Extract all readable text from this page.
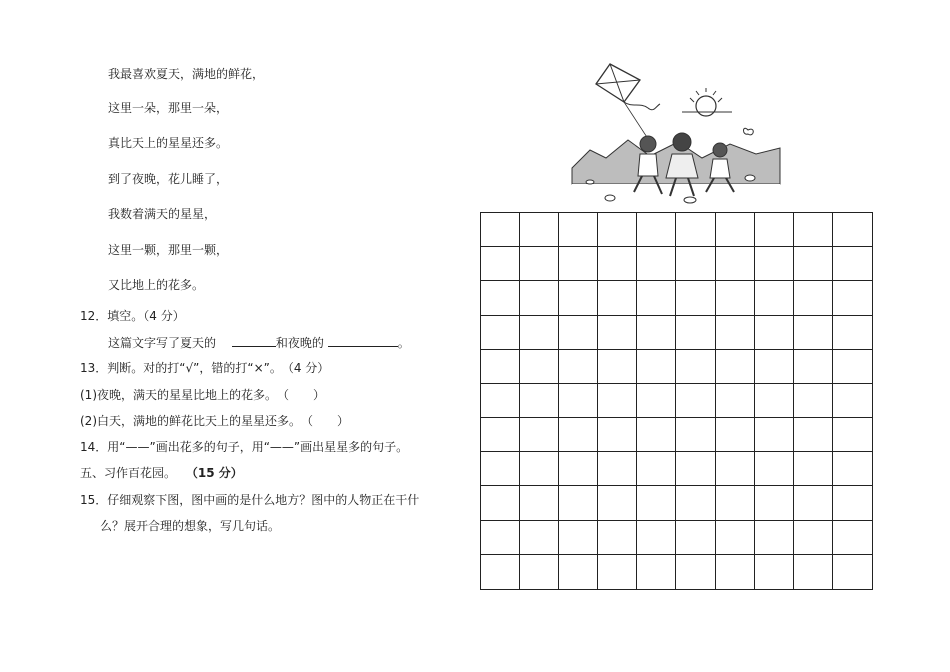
我最喜欢夏天，满地的鲜花，
这里一朵，那里一朵，
真比天上的星星还多。
到了夜晚，花儿睡了，
我数着满天的星星，
这里一颗，那里一颗，
又比地上的花多。
12．填空。（4 分）
这篇文字写了夏天的	和夜晚的	。
13．判断。对的打“√”，错的打“×”。　（4 分）
(1)夜晚，满天的星星比地上的花多。　（　　）
(2)白天，满地的鲜花比天上的星星还多。　（　　）
14．用“——”画出花多的句子，用“——”画出星星多的句子。
五、习作百花园。 （15 分）
15．仔细观察下图，图中画的是什么地方？图中的人物正在干什
么？展开合理的想象，写几句话。
